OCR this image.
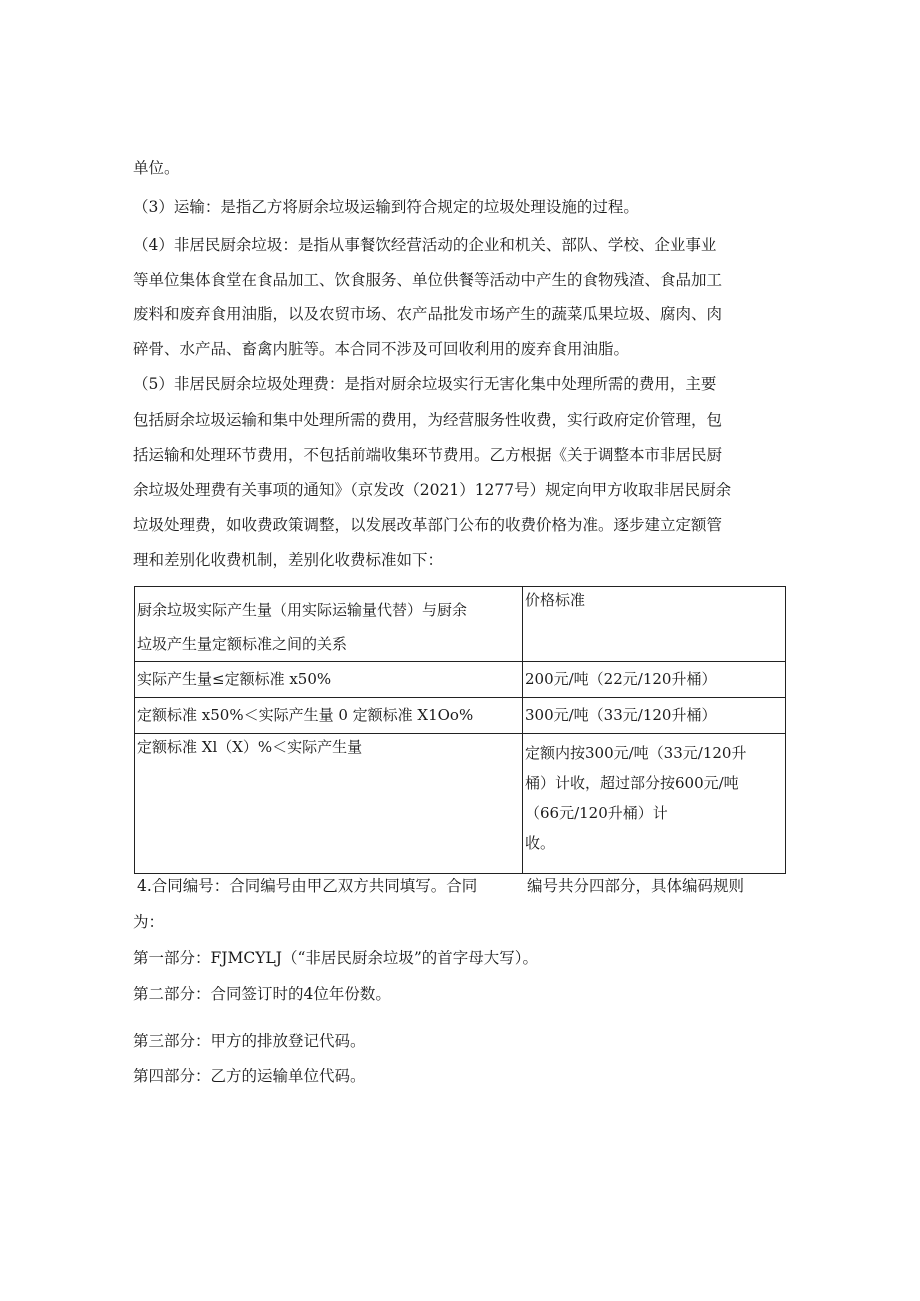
单位。
（3）运输：是指乙方将厨余垃圾运输到符合规定的垃圾处理设施的过程。
（4）非居民厨余垃圾：是指从事餐饮经营活动的企业和机关、部队、学校、企业事业
等单位集体食堂在食品加工、饮食服务、单位供餐等活动中产生的食物残渣、食品加工
废料和废弃食用油脂，以及农贸市场、农产品批发市场产生的蔬菜瓜果垃圾、腐肉、肉
碎骨、水产品、畜禽内脏等。本合同不涉及可回收利用的废弃食用油脂。
（5）非居民厨余垃圾处理费：是指对厨余垃圾实行无害化集中处理所需的费用，主要
包括厨余垃圾运输和集中处理所需的费用，为经营服务性收费，实行政府定价管理，包
括运输和处理环节费用，不包括前端收集环节费用。乙方根据《关于调整本市非居民厨
余垃圾处理费有关事项的通知》（京发改（2021）1277号）规定向甲方收取非居民厨余
垃圾处理费，如收费政策调整，以发展改革部门公布的收费价格为准。逐步建立定额管
理和差别化收费机制，差别化收费标准如下：
厨余垃圾实际产生量（用实际运输量代替）与厨余
垃圾产生量定额标准之间的关系	价格标准

实际产生量≤定额标准 x50%	200元/吨（22元/120升桶）
定额标准 x50%＜实际产生量 0 定额标准 X1Oo%	300元/吨（33元/120升桶）

定额标准 Xl（X）%＜实际产生量	定额内按300元/吨（33元/120升
桶）计收，超过部分按600元/吨
（66元/120升桶）计
收。
4.合同编号：合同编号由甲乙双方共同填写。合同	编号共分四部分，具体编码规则
为：
第一部分：FJMCYLJ（“非居民厨余垃圾”的首字母大写）。
第二部分：合同签订时的4位年份数。
第三部分：甲方的排放登记代码。
第四部分：乙方的运输单位代码。
